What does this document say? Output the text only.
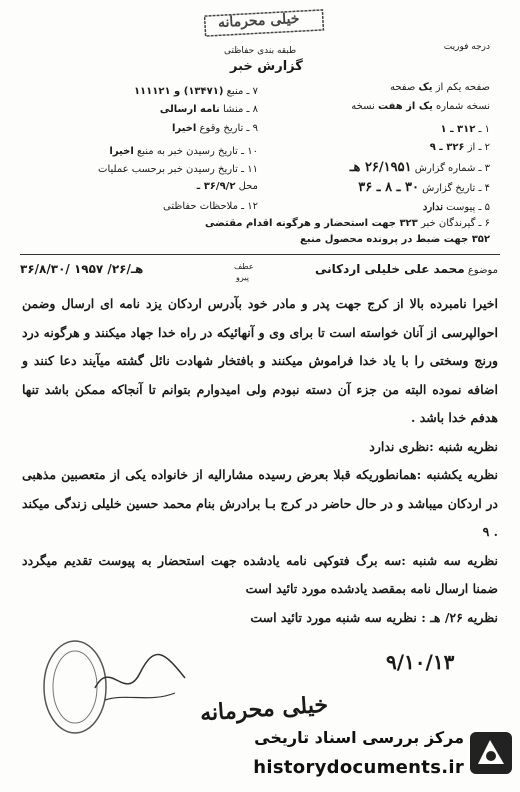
خیلی محرمانه
درجه فوریت
طبقه بندی حفاظتی
گزارش خبر
صفحه یکم از یک صفحه
نسخه شماره یک از هفت نسخه
۱ ـ ۳۱۲ ـ ۱
۲ ـ از ۳۲۶ ـ ۹
۳ ـ شماره گزارش ۲۶/۱۹۵۱ هـ
۴ ـ تاریخ گزارش ۳۰ ـ ۸ ـ ۳۶
۵ ـ پیوست ندارد
۶ ـ گیرندگان خبر ۳۲۳ جهت استحضار و هرگونه اقدام مقتضی
۳۵۲ جهت ضبط در پرونده محصول منبع
۷ ـ منبع (۱۳۴۷۱) و ۱۱۱۱۲۱
۸ ـ منشا نامه ارسالی
۹ ـ تاریخ وقوع اخیرا
۱۰ ـ تاریخ رسیدن خبر به منبع اخیرا
۱۱ ـ تاریخ رسیدن خبر برحسب عملیات
محل ۳۶/۹/۲ ـ
۱۲ ـ ملاحظات حفاظتی
موضوع محمد علی خلیلی اردکانی
عطف
پیرو
۳۶/۸/۳۰/ هـ/۲۶/ ۱۹۵۷

اخیرا نامبرده بالا از کرج جهت پدر و مادر خود بآدرس اردکان یزد نامه ای ارسال وضمن احوالپرسی از آنان خواسته است تا برای وی و آنهائیکه در راه خدا جهاد میکنند و هرگونه درد ورنج وسختی را با یاد خدا فراموش میکنند و بافتخار شهادت نائل گشته میآیند دعا کنند و اضافه نموده البته من جزء آن دسته نبودم ولی امیدوارم بتوانم تا آنجاکه ممکن باشد تنها هدفم خدا باشد .

نظریه شنبه :نظری ندارد

نظریه یکشنبه :همانطوریکه قبلا بعرض رسیده مشارالیه از خانواده یکی از متعصبین مذهبی در اردکان میباشد و در حال حاضر در کرج بـا برادرش بنام محمد حسین خلیلی زندگی میکند . ۹

نظریه سه شنبه :سه برگ فتوکپی نامه یادشده جهت استحضار به پیوست تقدیم میگردد ضمنا ارسال نامه بمقصد یادشده مورد تائید است

نظریه ۲۶/ هـ : نظریه سه شنبه مورد تائید است

۹/۱۰/۱۳
خیلی محرمانه
مرکز بررسی اسناد تاریخی
historydocuments.ir
